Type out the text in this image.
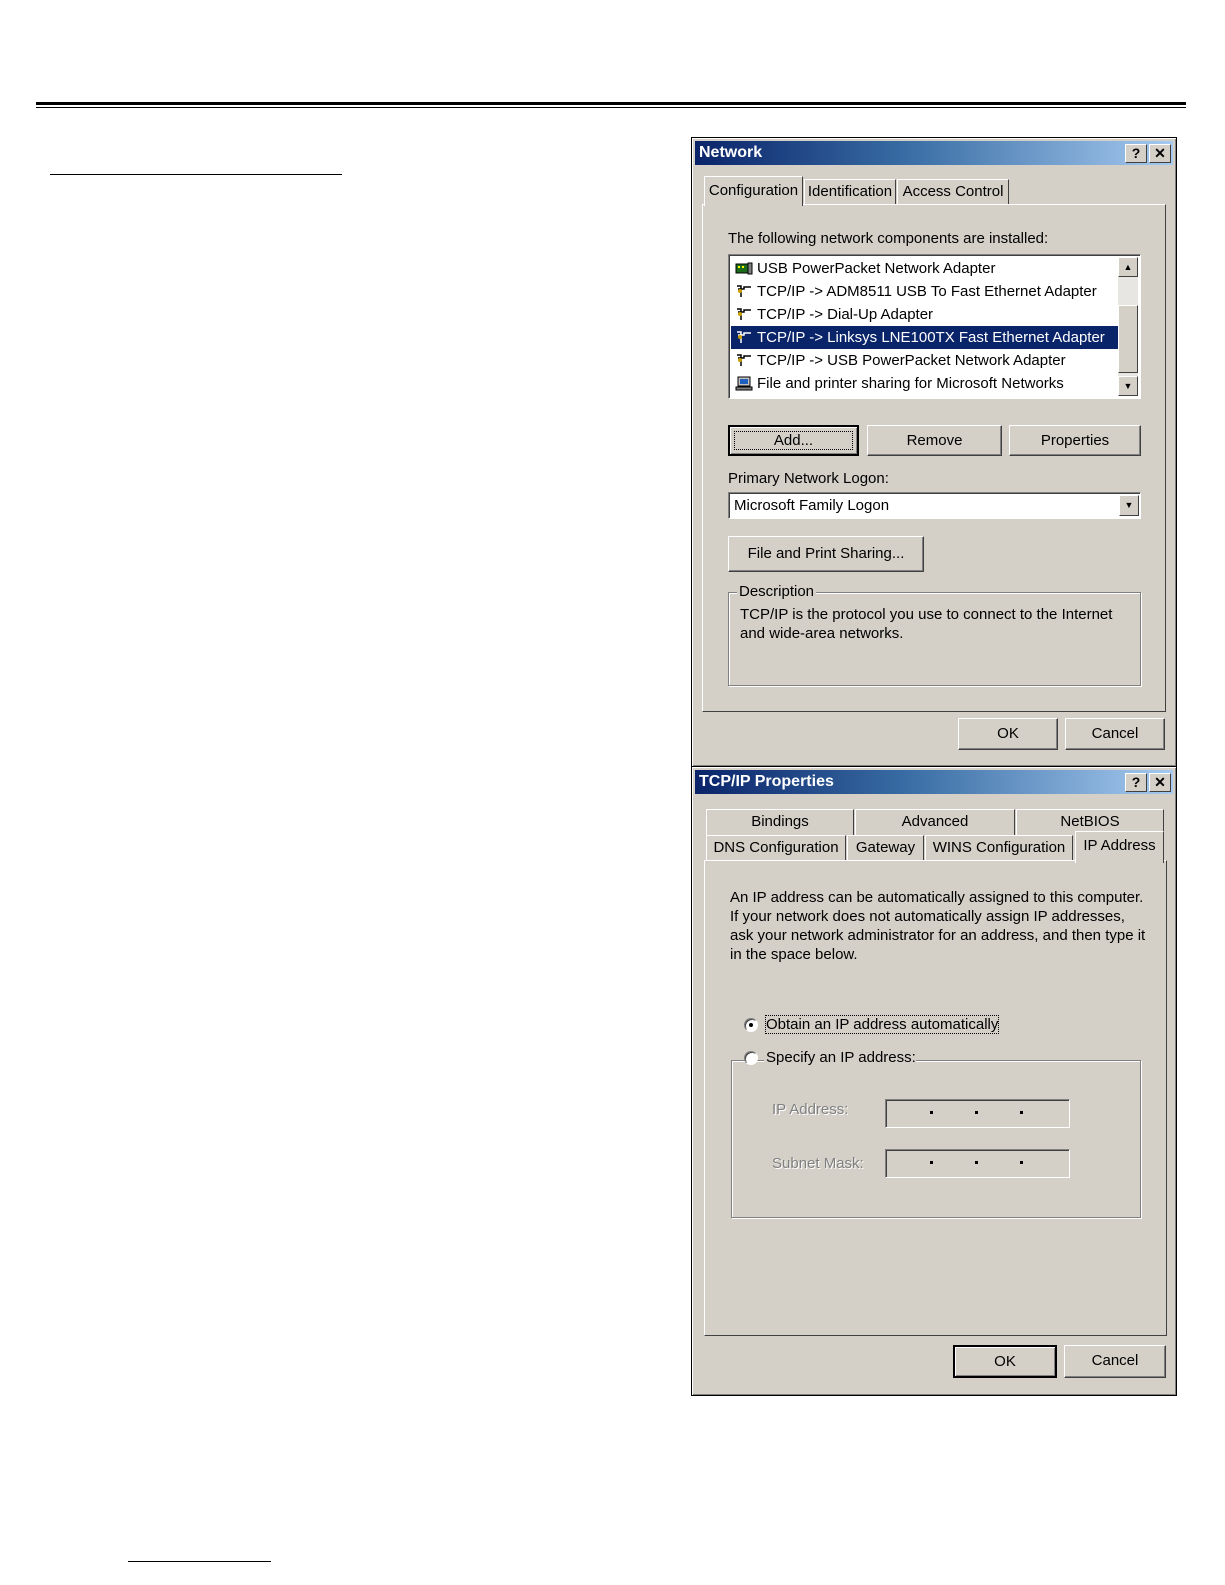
Network	? ✕
Configuration Identification Access Control
The following network components are installed:
USB PowerPacket Network Adapter
TCP/IP -> ADM8511 USB To Fast Ethernet Adapter
TCP/IP -> Dial-Up Adapter
TCP/IP -> Linksys LNE100TX Fast Ethernet Adapter
TCP/IP -> USB PowerPacket Network Adapter
File and printer sharing for Microsoft Networks
▲
▼
Add...	Remove	Properties
Primary Network Logon:
Microsoft Family Logon	▼
File and Print Sharing...
Description
TCP/IP is the protocol you use to connect to the Internet and wide-area networks.
OK	Cancel
TCP/IP Properties	? ✕
Bindings	Advanced	NetBIOS
DNS Configuration	Gateway	WINS Configuration	IP Address
An IP address can be automatically assigned to this computer. If your network does not automatically assign IP addresses, ask your network administrator for an address, and then type it in the space below.
Obtain an IP address automatically
Specify an IP address:
IP Address:
Subnet Mask:
OK	Cancel
